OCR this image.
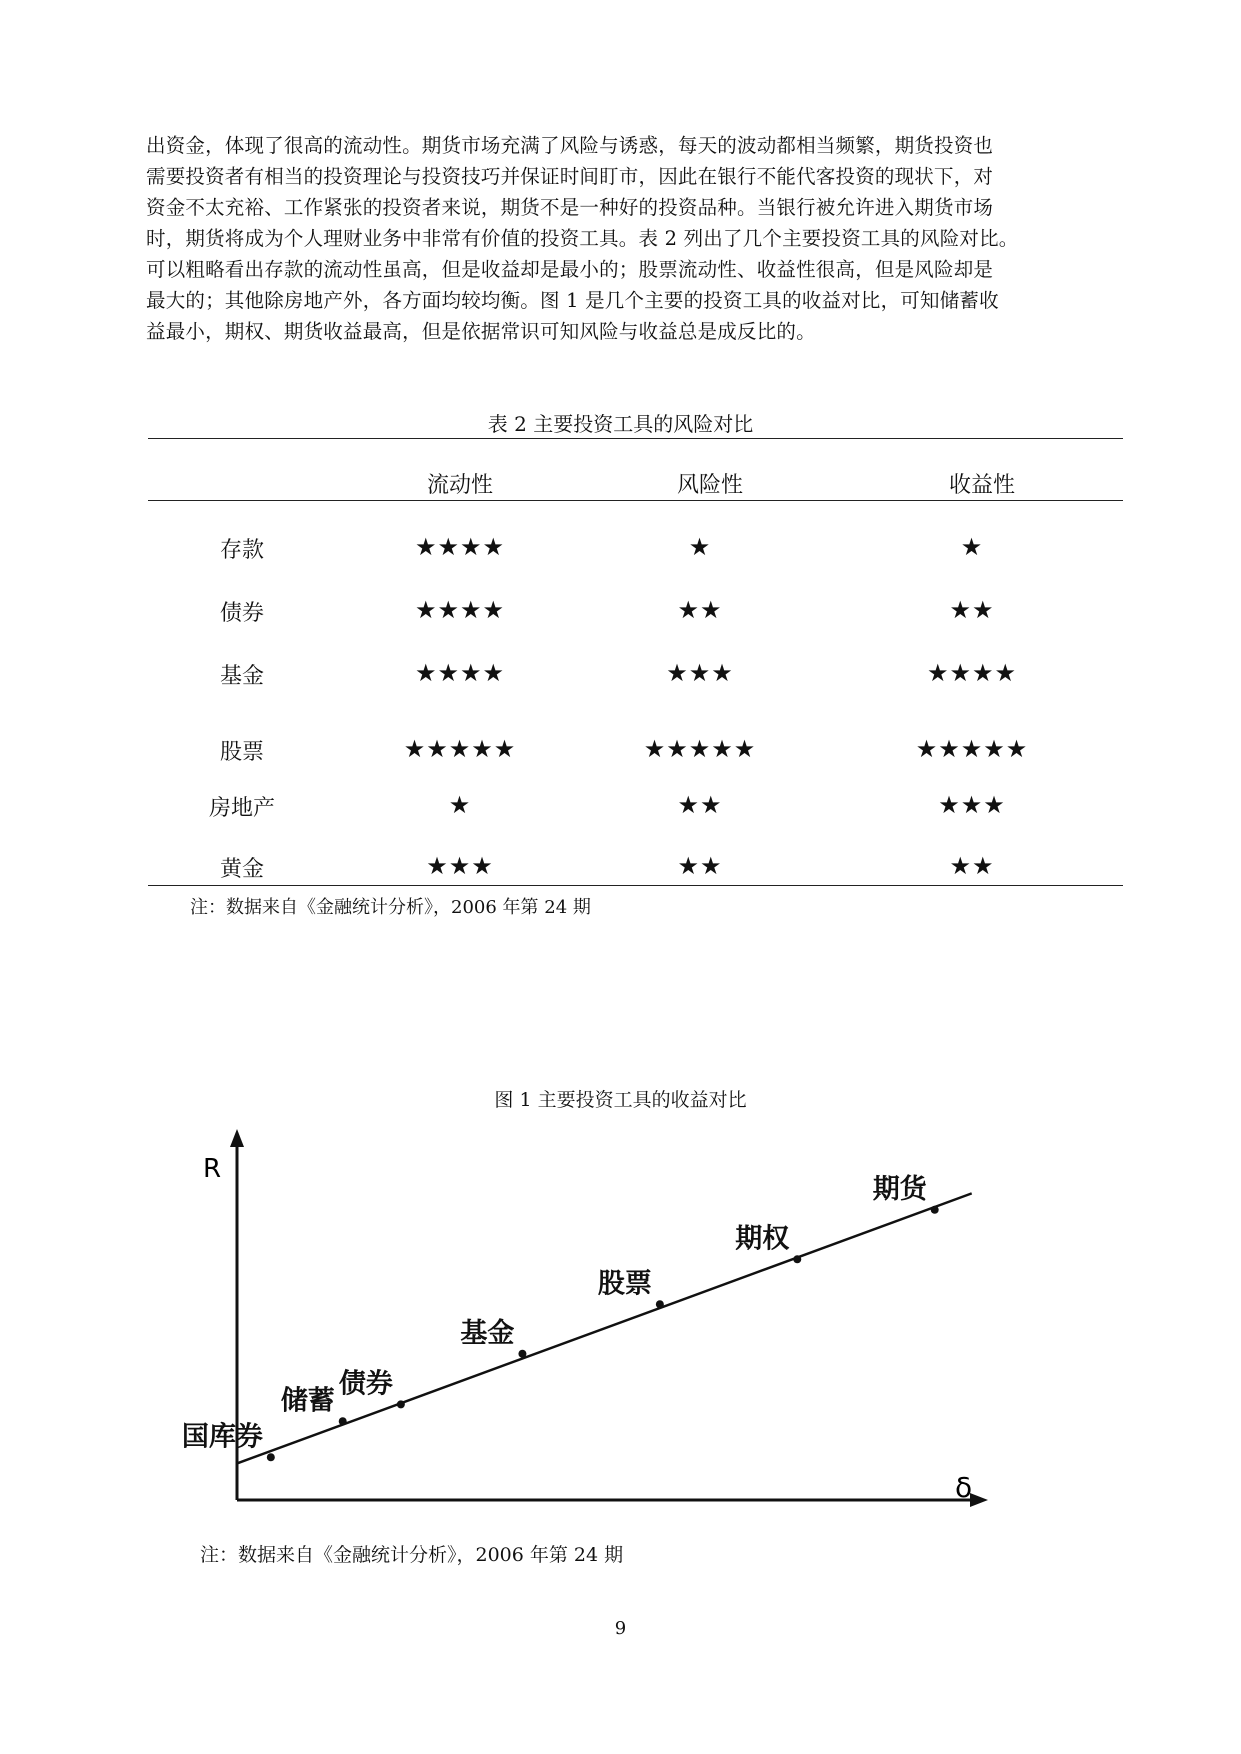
出资金，体现了很高的流动性。期货市场充满了风险与诱惑，每天的波动都相当频繁，期货投资也
需要投资者有相当的投资理论与投资技巧并保证时间盯市，因此在银行不能代客投资的现状下，对
资金不太充裕、工作紧张的投资者来说，期货不是一种好的投资品种。当银行被允许进入期货市场
时，期货将成为个人理财业务中非常有价值的投资工具。表 2 列出了几个主要投资工具的风险对比。
可以粗略看出存款的流动性虽高，但是收益却是最小的；股票流动性、收益性很高，但是风险却是
最大的；其他除房地产外，各方面均较均衡。图 1 是几个主要的投资工具的收益对比，可知储蓄收
益最小，期权、期货收益最高，但是依据常识可知风险与收益总是成反比的。
表 2 主要投资工具的风险对比
流动性	风险性	收益性
存款	★★★★	★	★
债券	★★★★	★★	★★
基金	★★★★	★★★	★★★★
股票	★★★★★	★★★★★	★★★★★
房地产	★	★★	★★★
黄金	★★★	★★	★★
注：数据来自《金融统计分析》，2006 年第 24 期
图 1 主要投资工具的收益对比
R
δ
国库券
储蓄
债券
基金
股票
期权
期货
注：数据来自《金融统计分析》，2006 年第 24 期
9
